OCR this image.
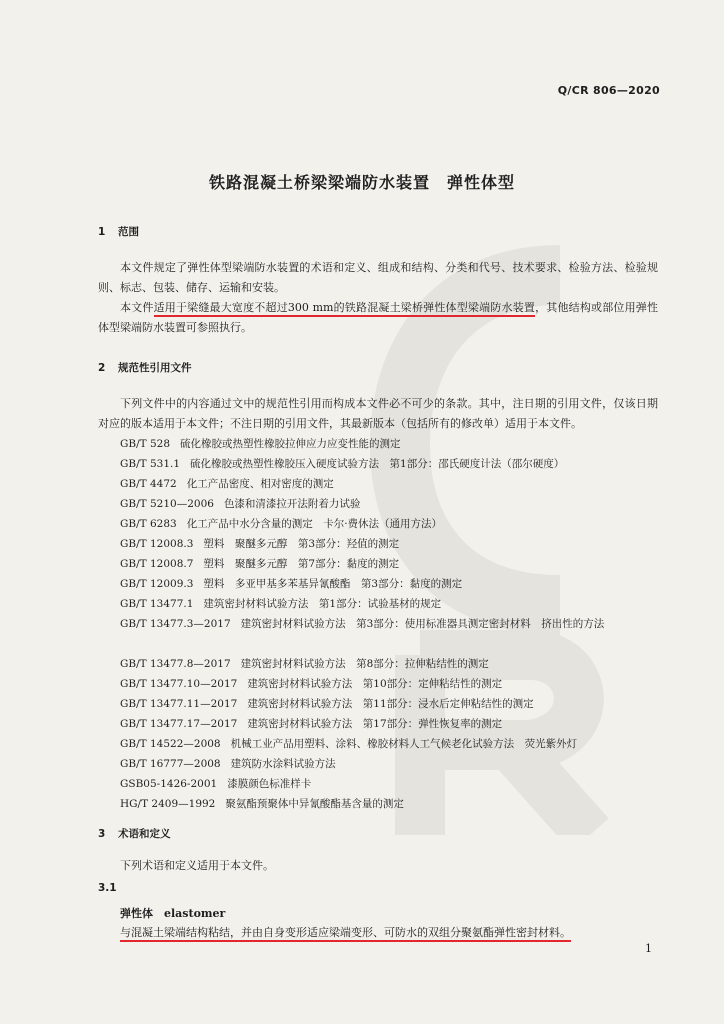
Q/CR 806—2020
铁路混凝土桥梁梁端防水装置　弹性体型
1 范围
本文件规定了弹性体型梁端防水装置的术语和定义、组成和结构、分类和代号、技术要求、检验方法、检验规则、标志、包装、储存、运输和安装。
本文件适用于梁缝最大宽度不超过300 mm的铁路混凝土梁桥弹性体型梁端防水装置，其他结构或部位用弹性体型梁端防水装置可参照执行。
2 规范性引用文件
下列文件中的内容通过文中的规范性引用而构成本文件必不可少的条款。其中，注日期的引用文件，仅该日期对应的版本适用于本文件；不注日期的引用文件，其最新版本（包括所有的修改单）适用于本文件。
GB/T 528 硫化橡胶或热塑性橡胶拉伸应力应变性能的测定
GB/T 531.1 硫化橡胶或热塑性橡胶压入硬度试验方法　第1部分：邵氏硬度计法（邵尔硬度）
GB/T 4472 化工产品密度、相对密度的测定
GB/T 5210—2006 色漆和清漆拉开法附着力试验
GB/T 6283 化工产品中水分含量的测定　卡尔·费休法（通用方法）
GB/T 12008.3 塑料　聚醚多元醇　第3部分：羟值的测定
GB/T 12008.7 塑料　聚醚多元醇　第7部分：黏度的测定
GB/T 12009.3 塑料　多亚甲基多苯基异氰酸酯　第3部分：黏度的测定
GB/T 13477.1 建筑密封材料试验方法　第1部分：试验基材的规定
GB/T 13477.3—2017 建筑密封材料试验方法　第3部分：使用标准器具测定密封材料　挤出性的方法
GB/T 13477.8—2017 建筑密封材料试验方法　第8部分：拉伸粘结性的测定
GB/T 13477.10—2017 建筑密封材料试验方法　第10部分：定伸粘结性的测定
GB/T 13477.11—2017 建筑密封材料试验方法　第11部分：浸水后定伸粘结性的测定
GB/T 13477.17—2017 建筑密封材料试验方法　第17部分：弹性恢复率的测定
GB/T 14522—2008 机械工业产品用塑料、涂料、橡胶材料人工气候老化试验方法　荧光紫外灯
GB/T 16777—2008 建筑防水涂料试验方法
GSB05-1426-2001 漆膜颜色标准样卡
HG/T 2409—1992 聚氨酯预聚体中异氰酸酯基含量的测定
3 术语和定义
下列术语和定义适用于本文件。
3.1
弹性体　elastomer
与混凝土梁端结构粘结，并由自身变形适应梁端变形、可防水的双组分聚氨酯弹性密封材料。
1
